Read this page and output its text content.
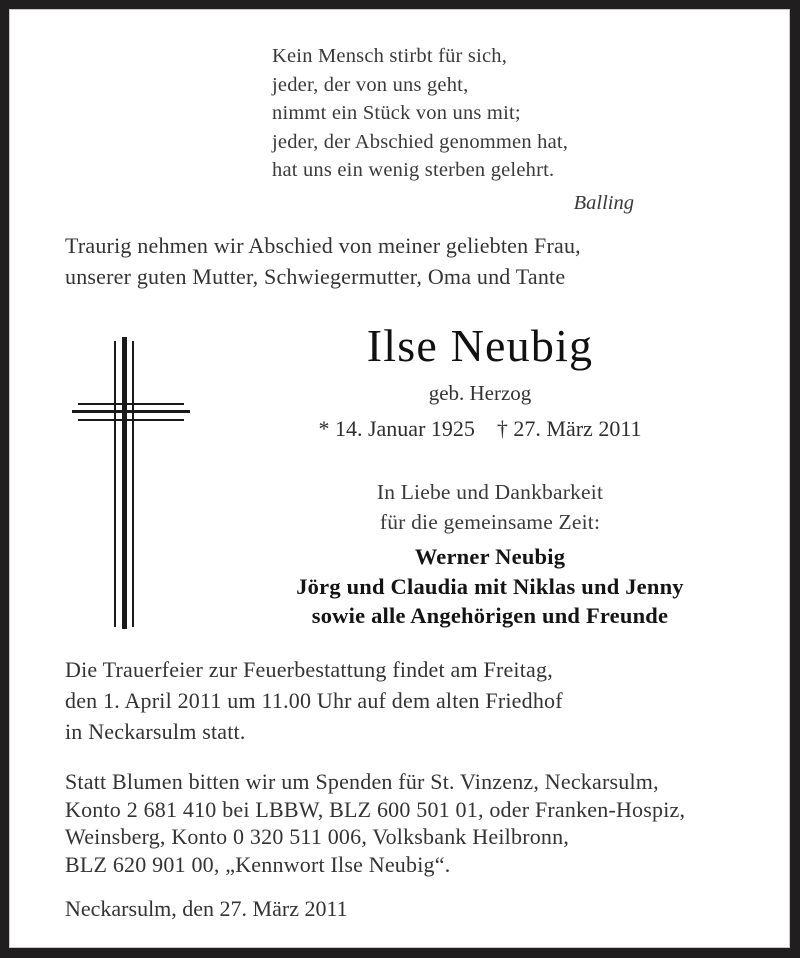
Kein Mensch stirbt für sich,
jeder, der von uns geht,
nimmt ein Stück von uns mit;
jeder, der Abschied genommen hat,
hat uns ein wenig sterben gelehrt.
Balling
Traurig nehmen wir Abschied von meiner geliebten Frau,
unserer guten Mutter, Schwiegermutter, Oma und Tante
Ilse Neubig
geb. Herzog
* 14. Januar 1925    † 27. März 2011
In Liebe und Dankbarkeit
für die gemeinsame Zeit:
Werner Neubig
Jörg und Claudia mit Niklas und Jenny
sowie alle Angehörigen und Freunde
Die Trauerfeier zur Feuerbestattung findet am Freitag,
den 1. April 2011 um 11.00 Uhr auf dem alten Friedhof
in Neckarsulm statt.
Statt Blumen bitten wir um Spenden für St. Vinzenz, Neckarsulm,
Konto 2 681 410 bei LBBW, BLZ 600 501 01, oder Franken-Hospiz,
Weinsberg, Konto 0 320 511 006, Volksbank Heilbronn,
BLZ 620 901 00, „Kennwort Ilse Neubig“.
Neckarsulm, den 27. März 2011
